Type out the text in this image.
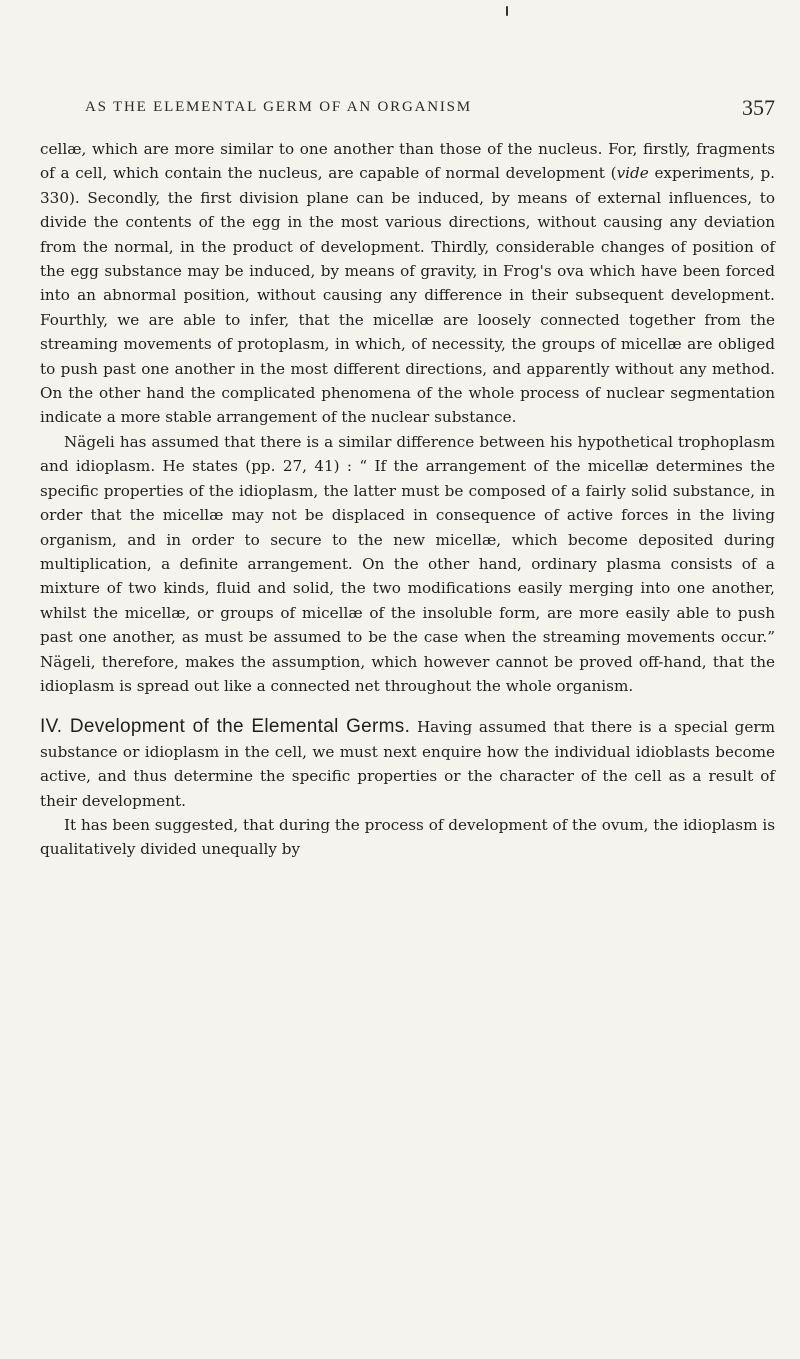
AS THE ELEMENTAL GERM OF AN ORGANISM	357

cellæ, which are more similar to one another than those of the nucleus. For, firstly, fragments of a cell, which contain the nucleus, are capable of normal development (vide experiments, p. 330). Secondly, the first division plane can be induced, by means of external influences, to divide the contents of the egg in the most various directions, without causing any deviation from the normal, in the product of development. Thirdly, considerable changes of position of the egg substance may be induced, by means of gravity, in Frog's ova which have been forced into an abnormal position, without causing any difference in their subsequent development. Fourthly, we are able to infer, that the micellæ are loosely connected together from the streaming movements of protoplasm, in which, of necessity, the groups of micellæ are obliged to push past one another in the most different directions, and apparently without any method. On the other hand the complicated phenomena of the whole process of nuclear segmentation indicate a more stable arrangement of the nuclear substance.

Nägeli has assumed that there is a similar difference between his hypothetical trophoplasm and idioplasm. He states (pp. 27, 41) : “ If the arrangement of the micellæ determines the specific properties of the idioplasm, the latter must be composed of a fairly solid substance, in order that the micellæ may not be displaced in consequence of active forces in the living organism, and in order to secure to the new micellæ, which become deposited during multiplication, a definite arrangement. On the other hand, ordinary plasma consists of a mixture of two kinds, fluid and solid, the two modifications easily merging into one another, whilst the micellæ, or groups of micellæ of the insoluble form, are more easily able to push past one another, as must be assumed to be the case when the streaming movements occur.” Nägeli, therefore, makes the assumption, which however cannot be proved off-hand, that the idioplasm is spread out like a connected net throughout the whole organism.

IV. Development of the Elemental Germs. Having assumed that there is a special germ substance or idioplasm in the cell, we must next enquire how the individual idioblasts become active, and thus determine the specific properties or the character of the cell as a result of their development.

It has been suggested, that during the process of development of the ovum, the idioplasm is qualitatively divided unequally by
